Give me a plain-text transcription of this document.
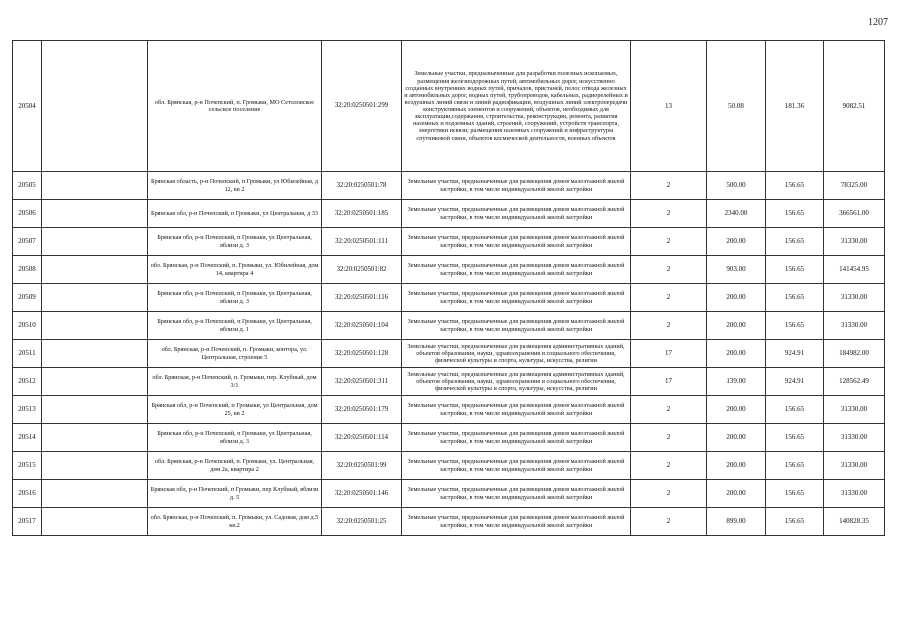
1207
20504		обл. Брянская, р-н Почепский, п. Громыки, МО Сетоловское сельское поселение	32:20:0250501:299	Земельные участки, предназначенные для разработки полезных ископаемых, размещения железнодорожных путей, автомобильных дорог, искусственно созданных внутренних водных путей, причалов, пристаней, полос отвода железных и автомобильных дорог, водных путей, трубопроводов, кабельных, радиорелейных и воздушных линий связи и линий радиофикации, воздушных линий электропередачи конструктивных элементов и сооружений, объектов, необходимых для эксплуатации,содержания, строительства, реконструкции, ремонта, развития наземных и подземных зданий, строений, сооружений, устройств транспорта, энергетики исвязи; размещения наземных сооружений и инфраструктуры спутниковой связи, объектов космической деятельности, военных объектов	13	50.08	181.36	9082.51
20505		Брянская область, р-н Почепский, п Громыки, ул Юбилейная, д 12, кв 2	32:20:0250501:78	Земельные участки, предназначенные для размещения домов малоэтажной жилой застройки, в том числе индивидуальной жилой застройки	2	500.00	156.65	78325.00
20506		Брянская обл, р-н Почепский, п Громыки, ул Центральная, д 33	32:20:0250501:185	Земельные участки, предназначенные для размещения домов малоэтажной жилой застройки, в том числе индивидуальной жилой застройки	2	2340.00	156.65	366561.00
20507		Брянская обл, р-н Почепский, п Громыки, ул Центральная, вблизи д. 3	32:20:0250501:111	Земельные участки, предназначенные для размещения домов малоэтажной жилой застройки, в том числе индивидуальной жилой застройки	2	200.00	156.65	31330.00
20508		обл. Брянская, р-н Почепский, п. Громыки, ул. Юбилейная, дом 14, квартира 4	32:20:0250501:82	Земельные участки, предназначенные для размещения домов малоэтажной жилой застройки, в том числе индивидуальной жилой застройки	2	903.00	156.65	141454.95
20509		Брянская обл, р-н Почепский, п Громыки, ул Центральная, вблизи д. 3	32:20:0250501:116	Земельные участки, предназначенные для размещения домов малоэтажной жилой застройки, в том числе индивидуальной жилой застройки	2	200.00	156.65	31330.00
20510		Брянская обл, р-н Почепский, п Громыки, ул Центральная, вблизи д. 1	32:20:0250501:104	Земельные участки, предназначенные для размещения домов малоэтажной жилой застройки, в том числе индивидуальной жилой застройки	2	200.00	156.65	31330.00
20511		обл. Брянская, р-н Почепский, п. Громыки, контора, ул. Центральная, строение 5	32:20:0250501:128	Земельные участки, предназначенные для размещения административных зданий, объектов образования, науки, здравоохранения и социального обеспечения, физической культуры и спорта, культуры, искусства, религии	17	200.00	924.91	184982.00
20512		обл. Брянская, р-н Почепский, п. Громыки, пер. Клубный, дом 3/1	32:20:0250501:311	Земельные участки, предназначенные для размещения административных зданий, объектов образования, науки, здравоохранения и социального обеспечения, физической культуры и спорта, культуры, искусства, религии	17	139.00	924.91	128562.49
20513		Брянская обл, р-н Почепский, п Громыки, ул Центральная, дом 25, кв 2	32:20:0250501:179	Земельные участки, предназначенные для размещения домов малоэтажной жилой застройки, в том числе индивидуальной жилой застройки	2	200.00	156.65	31330.00
20514		Брянская обл, р-н Почепский, п Громыки, ул Центральная, вблизи д. 3	32:20:0250501:114	Земельные участки, предназначенные для размещения домов малоэтажной жилой застройки, в том числе индивидуальной жилой застройки	2	200.00	156.65	31330.00
20515		обл. Брянская, р-н Почепский, п. Громыки, ул. Центральная, дом 2а, квартира 2	32:20:0250501:99	Земельные участки, предназначенные для размещения домов малоэтажной жилой застройки, в том числе индивидуальной жилой застройки	2	200.00	156.65	31330.00
20516		Брянская обл, р-н Почепский, п Громыки, пер Клубный, вблизи д. 5	32:20:0250501:146	Земельные участки, предназначенные для размещения домов малоэтажной жилой застройки, в том числе индивидуальной жилой застройки	2	200.00	156.65	31330.00
20517		обл. Брянская, р-н Почепский, п. Громыки, ул. Садовая, дом д.5 кв.2	32:20:0250501:25	Земельные участки, предназначенные для размещения домов малоэтажной жилой застройки, в том числе индивидуальной жилой застройки	2	899.00	156.65	140828.35
